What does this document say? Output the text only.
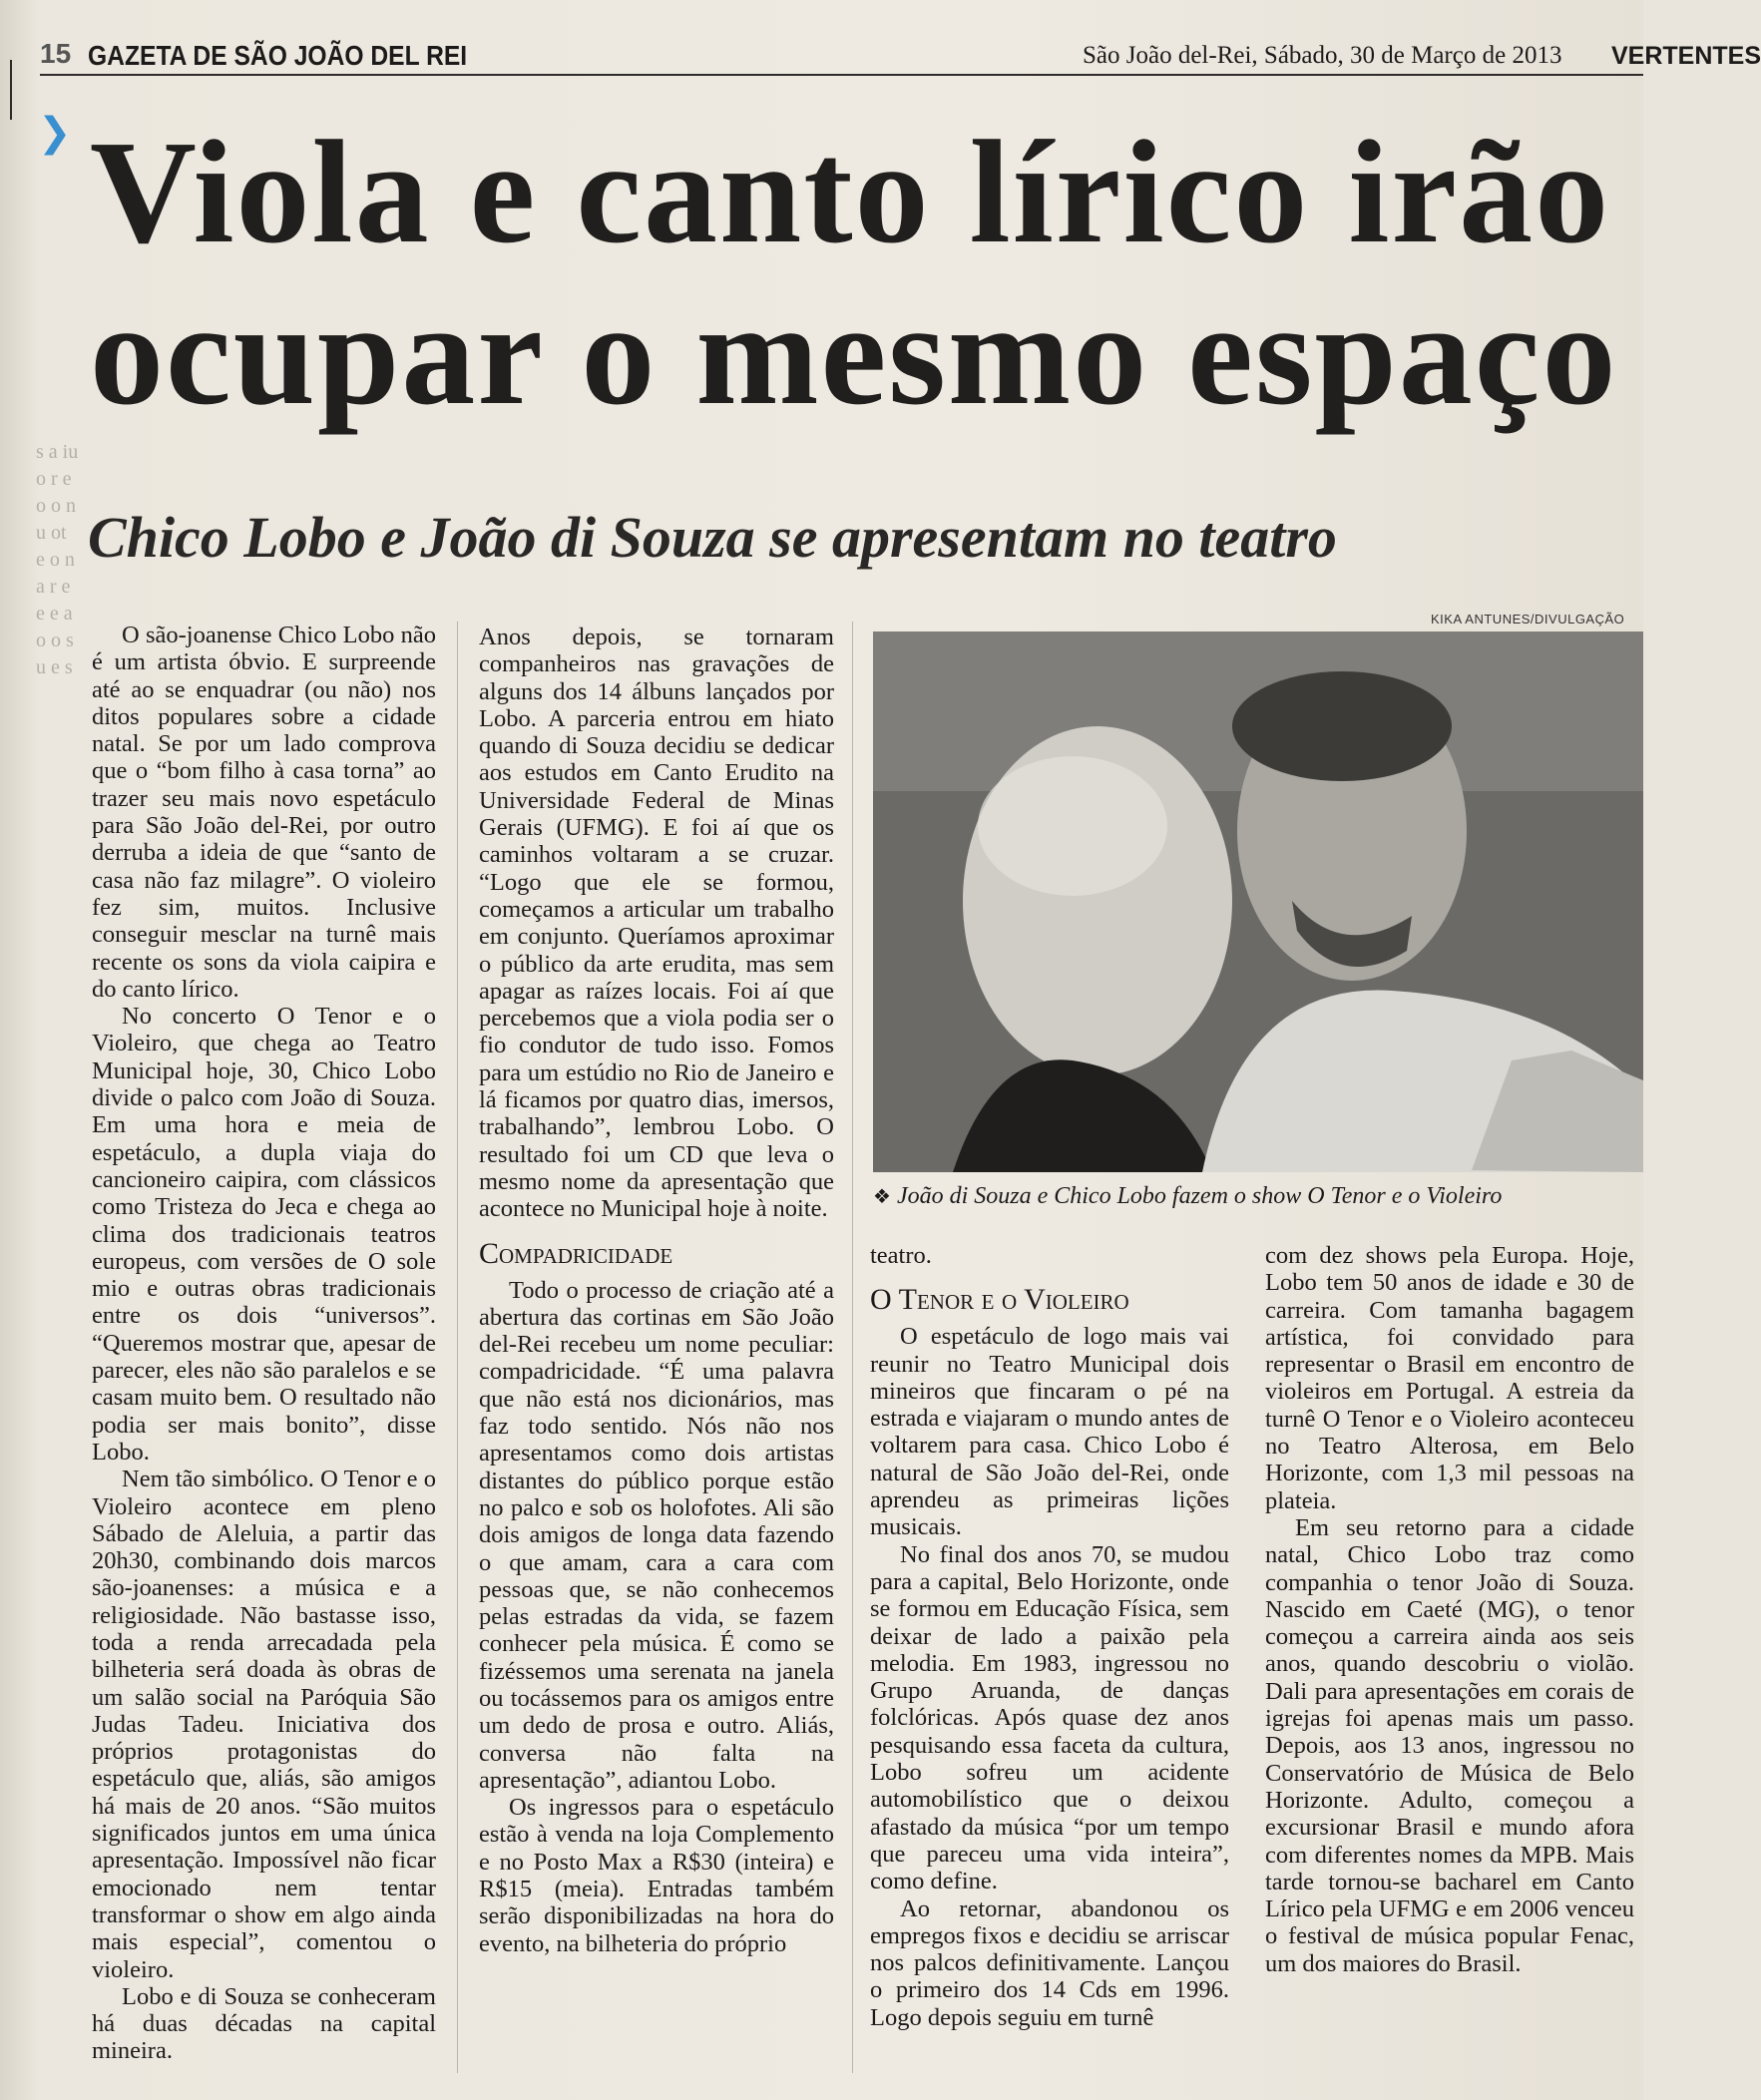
s a iu o r e o o n u ot e o n a r e e e a o o s u e s
15 GAZETA DE SÃO JOÃO DEL REI	São João del-Rei, Sábado, 30 de Março de 2013 VERTENTES
❯ Viola e canto lírico irão
ocupar o mesmo espaço
Chico Lobo e João di Souza se apresentam no teatro

O são-joanense Chico Lobo não é um artista óbvio. E surpreende até ao se enquadrar (ou não) nos ditos populares sobre a cidade natal. Se por um lado comprova que o “bom filho à casa torna” ao trazer seu mais novo espetáculo para São João del-Rei, por outro derruba a ideia de que “santo de casa não faz milagre”. O violeiro fez sim, muitos. Inclusive conseguir mesclar na turnê mais recente os sons da viola caipira e do canto lírico.

No concerto O Tenor e o Violeiro, que chega ao Teatro Municipal hoje, 30, Chico Lobo divide o palco com João di Souza. Em uma hora e meia de espetáculo, a dupla viaja do cancioneiro caipira, com clássicos como Tristeza do Jeca e chega ao clima dos tradicionais teatros europeus, com versões de O sole mio e outras obras tradicionais entre os dois “universos”. “Queremos mostrar que, apesar de parecer, eles não são paralelos e se casam muito bem. O resultado não podia ser mais bonito”, disse Lobo.

Nem tão simbólico. O Tenor e o Violeiro acontece em pleno Sábado de Aleluia, a partir das 20h30, combinando dois marcos são-joanenses: a música e a religiosidade. Não bastasse isso, toda a renda arrecadada pela bilheteria será doada às obras de um salão social na Paróquia São Judas Tadeu. Iniciativa dos próprios protagonistas do espetáculo que, aliás, são amigos há mais de 20 anos. “São muitos significados juntos em uma única apresentação. Impossível não ficar emocionado nem tentar transformar o show em algo ainda mais especial”, comentou o violeiro.

Lobo e di Souza se conheceram há duas décadas na capital mineira.

Anos depois, se tornaram companheiros nas gravações de alguns dos 14 álbuns lançados por Lobo. A parceria entrou em hiato quando di Souza decidiu se dedicar aos estudos em Canto Erudito na Universidade Federal de Minas Gerais (UFMG). E foi aí que os caminhos voltaram a se cruzar. “Logo que ele se formou, começamos a articular um trabalho em conjunto. Queríamos aproximar o público da arte erudita, mas sem apagar as raízes locais. Foi aí que percebemos que a viola podia ser o fio condutor de tudo isso. Fomos para um estúdio no Rio de Janeiro e lá ficamos por quatro dias, imersos, trabalhando”, lembrou Lobo. O resultado foi um CD que leva o mesmo nome da apresentação que acontece no Municipal hoje à noite.

Compadricidade

Todo o processo de criação até a abertura das cortinas em São João del-Rei recebeu um nome peculiar: compadricidade. “É uma palavra que não está nos dicionários, mas faz todo sentido. Nós não nos apresentamos como dois artistas distantes do público porque estão no palco e sob os holofotes. Ali são dois amigos de longa data fazendo o que amam, cara a cara com pessoas que, se não conhecemos pelas estradas da vida, se fazem conhecer pela música. É como se fizéssemos uma serenata na janela ou tocássemos para os amigos entre um dedo de prosa e outro. Aliás, conversa não falta na apresentação”, adiantou Lobo.

Os ingressos para o espetáculo estão à venda na loja Complemento e no Posto Max a R$30 (inteira) e R$15 (meia). Entradas também serão disponibilizadas na hora do evento, na bilheteria do próprio

KIKA ANTUNES/DIVULGAÇÃO
❖ João di Souza e Chico Lobo fazem o show O Tenor e o Violeiro

teatro.

O Tenor e o Violeiro

O espetáculo de logo mais vai reunir no Teatro Municipal dois mineiros que fincaram o pé na estrada e viajaram o mundo antes de voltarem para casa. Chico Lobo é natural de São João del-Rei, onde aprendeu as primeiras lições musicais.

No final dos anos 70, se mudou para a capital, Belo Horizonte, onde se formou em Educação Física, sem deixar de lado a paixão pela melodia. Em 1983, ingressou no Grupo Aruanda, de danças folclóricas. Após quase dez anos pesquisando essa faceta da cultura, Lobo sofreu um acidente automobilístico que o deixou afastado da música “por um tempo que pareceu uma vida inteira”, como define.

Ao retornar, abandonou os empregos fixos e decidiu se arriscar nos palcos definitivamente. Lançou o primeiro dos 14 Cds em 1996. Logo depois seguiu em turnê

com dez shows pela Europa. Hoje, Lobo tem 50 anos de idade e 30 de carreira. Com tamanha bagagem artística, foi convidado para representar o Brasil em encontro de violeiros em Portugal. A estreia da turnê O Tenor e o Violeiro aconteceu no Teatro Alterosa, em Belo Horizonte, com 1,3 mil pessoas na plateia.

Em seu retorno para a cidade natal, Chico Lobo traz como companhia o tenor João di Souza. Nascido em Caeté (MG), o tenor começou a carreira ainda aos seis anos, quando descobriu o violão. Dali para apresentações em corais de igrejas foi apenas mais um passo. Depois, aos 13 anos, ingressou no Conservatório de Música de Belo Horizonte. Adulto, começou a excursionar Brasil e mundo afora com diferentes nomes da MPB. Mais tarde tornou-se bacharel em Canto Lírico pela UFMG e em 2006 venceu o festival de música popular Fenac, um dos maiores do Brasil.
